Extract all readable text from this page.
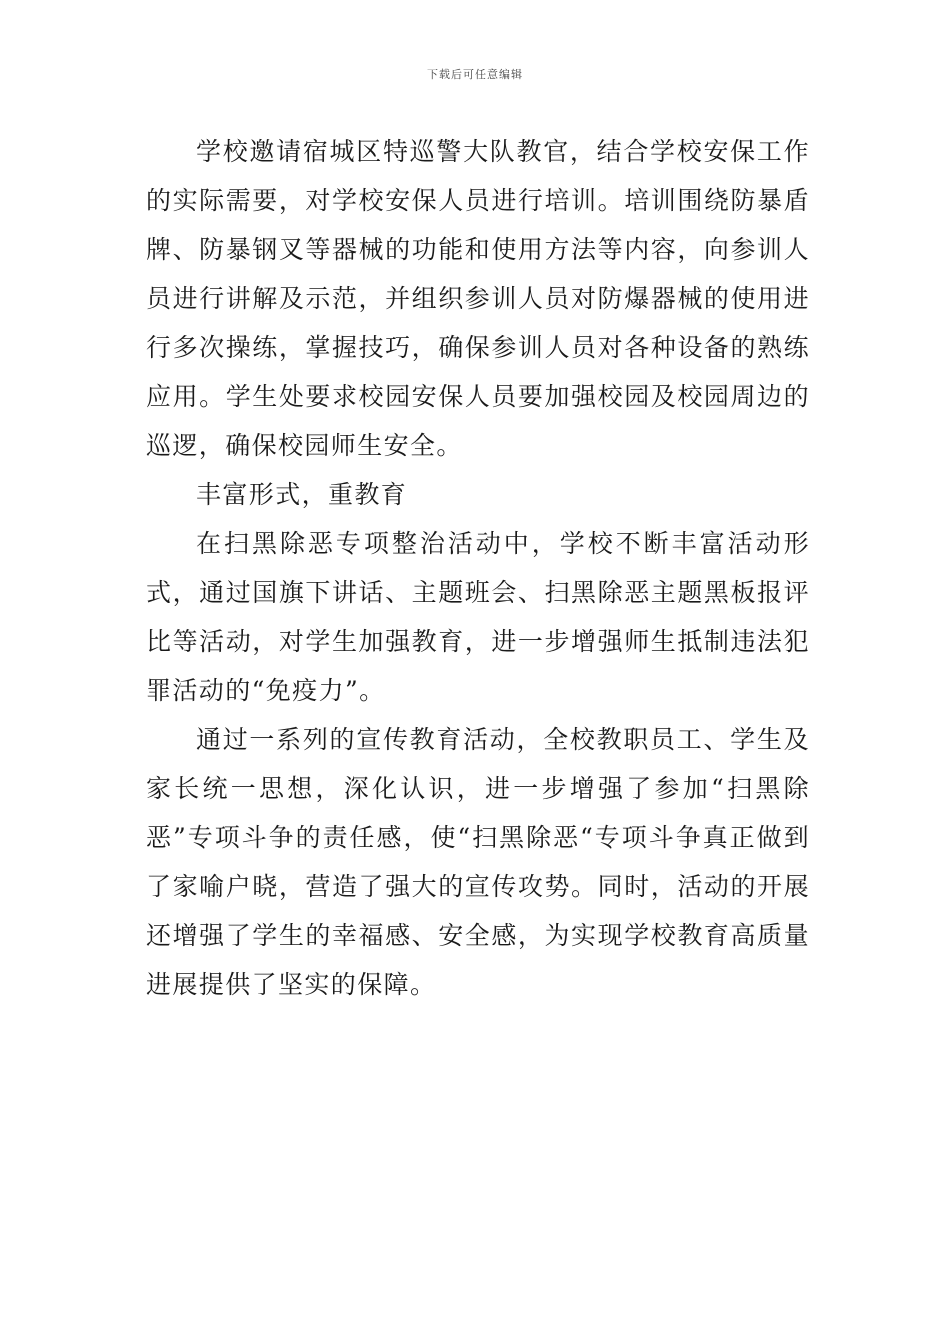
下载后可任意编辑

学校邀请宿城区特巡警大队教官，结合学校安保工作的实际需要，对学校安保人员进行培训。培训围绕防暴盾牌、防暴钢叉等器械的功能和使用方法等内容，向参训人员进行讲解及示范，并组织参训人员对防爆器械的使用进行多次操练，掌握技巧，确保参训人员对各种设备的熟练应用。学生处要求校园安保人员要加强校园及校园周边的巡逻，确保校园师生安全。

丰富形式，重教育

在扫黑除恶专项整治活动中，学校不断丰富活动形式，通过国旗下讲话、主题班会、扫黑除恶主题黑板报评比等活动，对学生加强教育，进一步增强师生抵制违法犯罪活动的“免疫力”。

通过一系列的宣传教育活动，全校教职员工、学生及家长统一思想，深化认识，进一步增强了参加“扫黑除恶”专项斗争的责任感，使“扫黑除恶“专项斗争真正做到了家喻户晓，营造了强大的宣传攻势。同时，活动的开展还增强了学生的幸福感、安全感，为实现学校教育高质量进展提供了坚实的保障。
